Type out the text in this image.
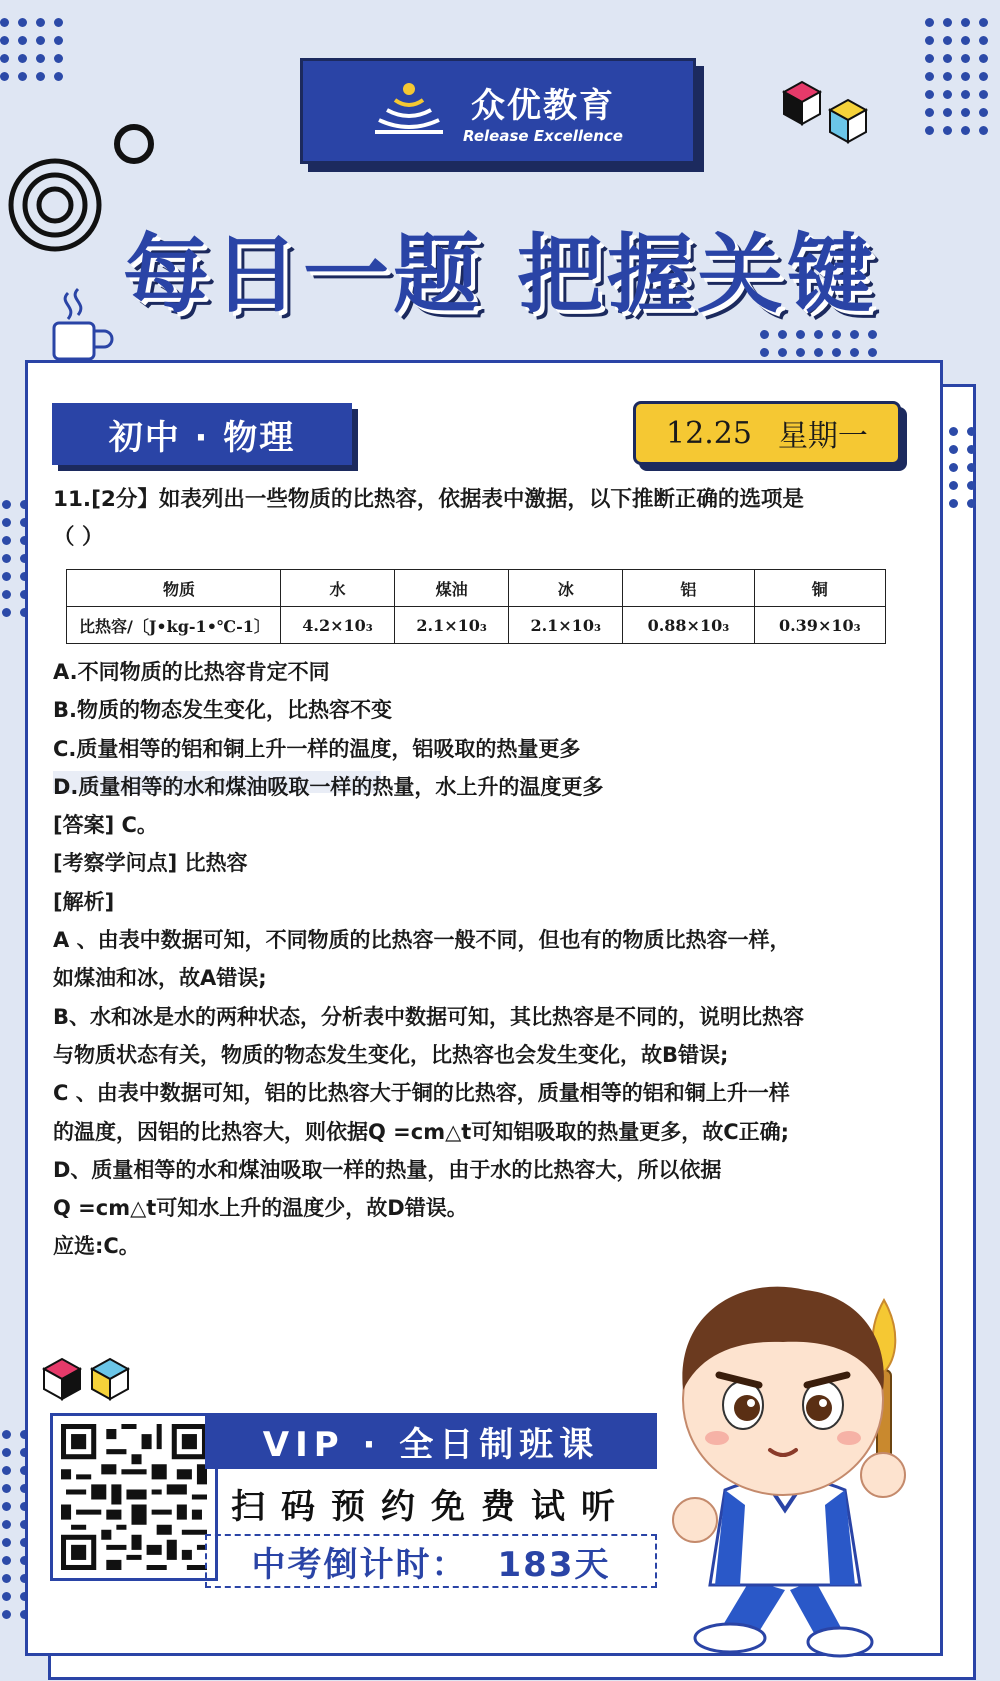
众优教育
Release Excellence
每日一题 把握关键
初中 · 物理	12.25 星期一
11.[2分】如表列出一些物质的比热容，依据表中激据，以下推断正确的选项是
（ ）
物质	水	煤油	冰	铝	铜
比热容/〔J•kg-1•℃-1〕	4.2×10₃	2.1×10₃	2.1×10₃	0.88×10₃	0.39×10₃
A.不同物质的比热容肯定不同
B.物质的物态发生变化，比热容不变
C.质量相等的铝和铜上升一样的温度，铝吸取的热量更多
D.质量相等的水和煤油吸取一样的热量，水上升的温度更多
[答案] C。
[考察学问点] 比热容
[解析]
A 、由表中数据可知，不同物质的比热容一般不同，但也有的物质比热容一样，
如煤油和冰，故A错误;
B、水和冰是水的两种状态，分析表中数据可知，其比热容是不同的，说明比热容
与物质状态有关，物质的物态发生变化，比热容也会发生变化，故B错误;
C 、由表中数据可知，铝的比热容大于铜的比热容，质量相等的铝和铜上升一样
的温度，因铝的比热容大，则依据Q =cm△t可知铝吸取的热量更多，故C正确;
D、质量相等的水和煤油吸取一样的热量，由于水的比热容大，所以依据
Q =cm△t可知水上升的温度少，故D错误。
应选:C。
VIP · 全日制班课
扫码预约免费试听
中考倒计时： 183天
